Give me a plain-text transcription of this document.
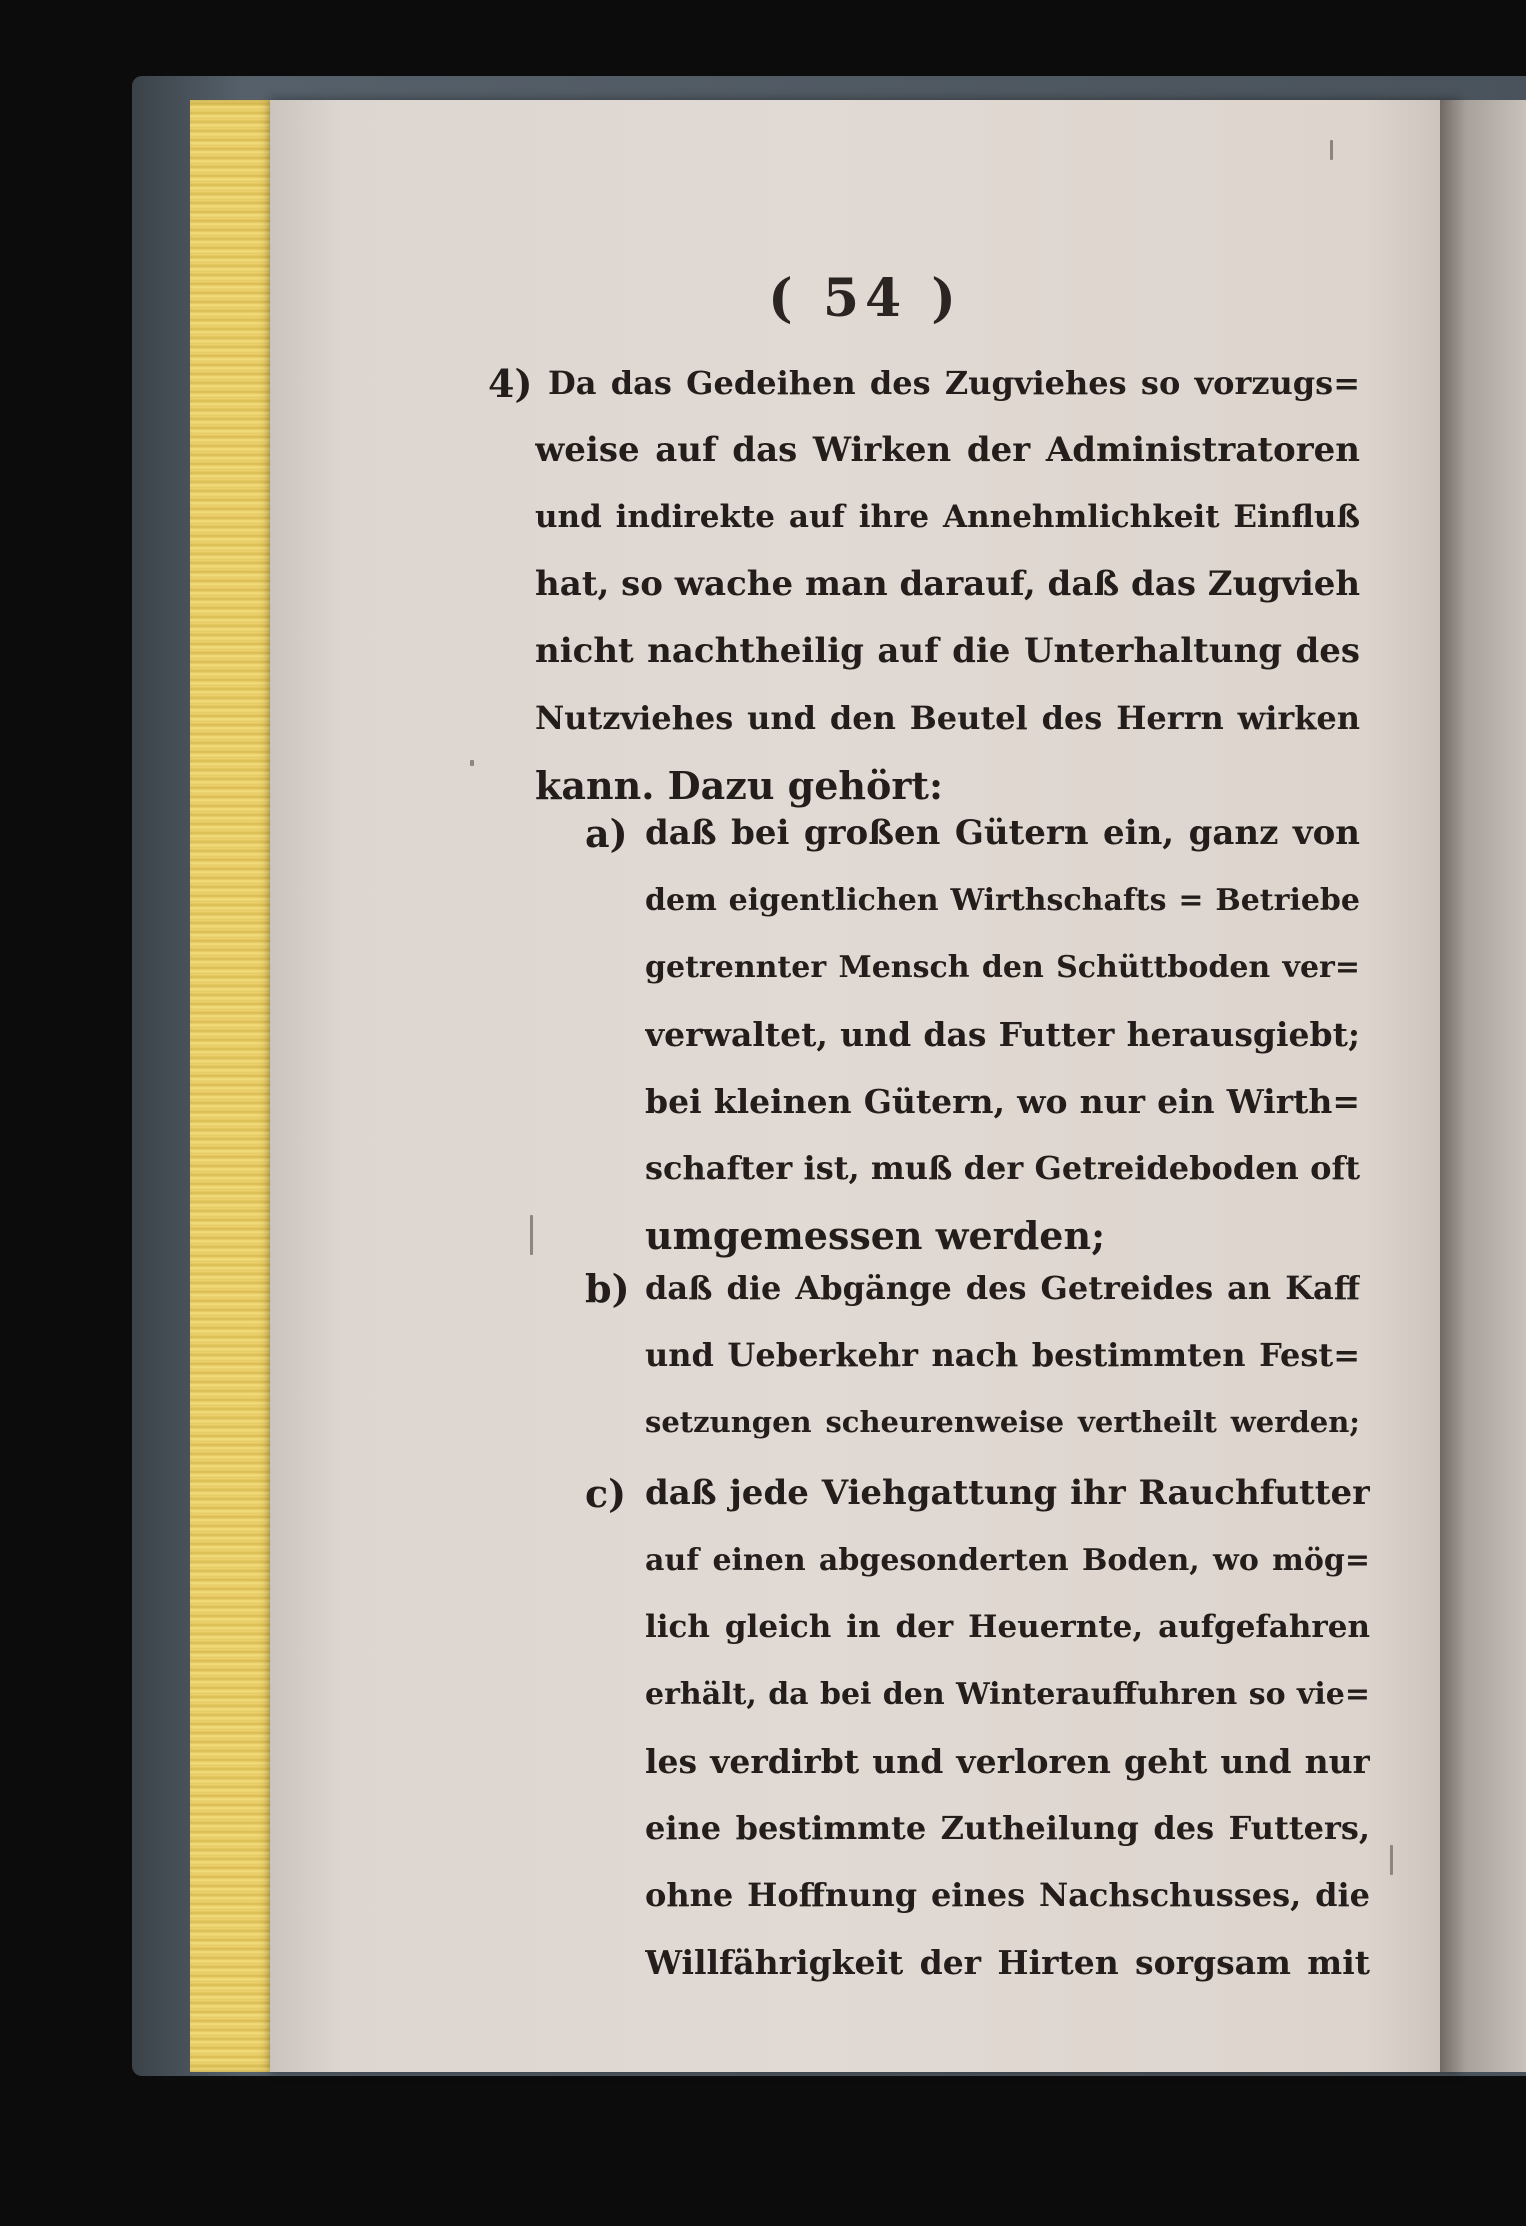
( 54 )
4) Da das Gedeihen des Zugviehes so vorzugs=
weise auf das Wirken der Administratoren
und indirekte auf ihre Annehmlichkeit Einfluß
hat, so wache man darauf, daß das Zugvieh
nicht nachtheilig auf die Unterhaltung des
Nutzviehes und den Beutel des Herrn wirken
kann. Dazu gehört:
a) daß bei großen Gütern ein, ganz von
dem eigentlichen Wirthschafts = Betriebe
getrennter Mensch den Schüttboden ver=
verwaltet, und das Futter herausgiebt;
bei kleinen Gütern, wo nur ein Wirth=
schafter ist, muß der Getreideboden oft
umgemessen werden;
b) daß die Abgänge des Getreides an Kaff
und Ueberkehr nach bestimmten Fest=
setzungen scheurenweise vertheilt werden;
c) daß jede Viehgattung ihr Rauchfutter
auf einen abgesonderten Boden, wo mög=
lich gleich in der Heuernte, aufgefahren
erhält, da bei den Winterauffuhren so vie=
les verdirbt und verloren geht und nur
eine bestimmte Zutheilung des Futters,
ohne Hoffnung eines Nachschusses, die
Willfährigkeit der Hirten sorgsam mit
